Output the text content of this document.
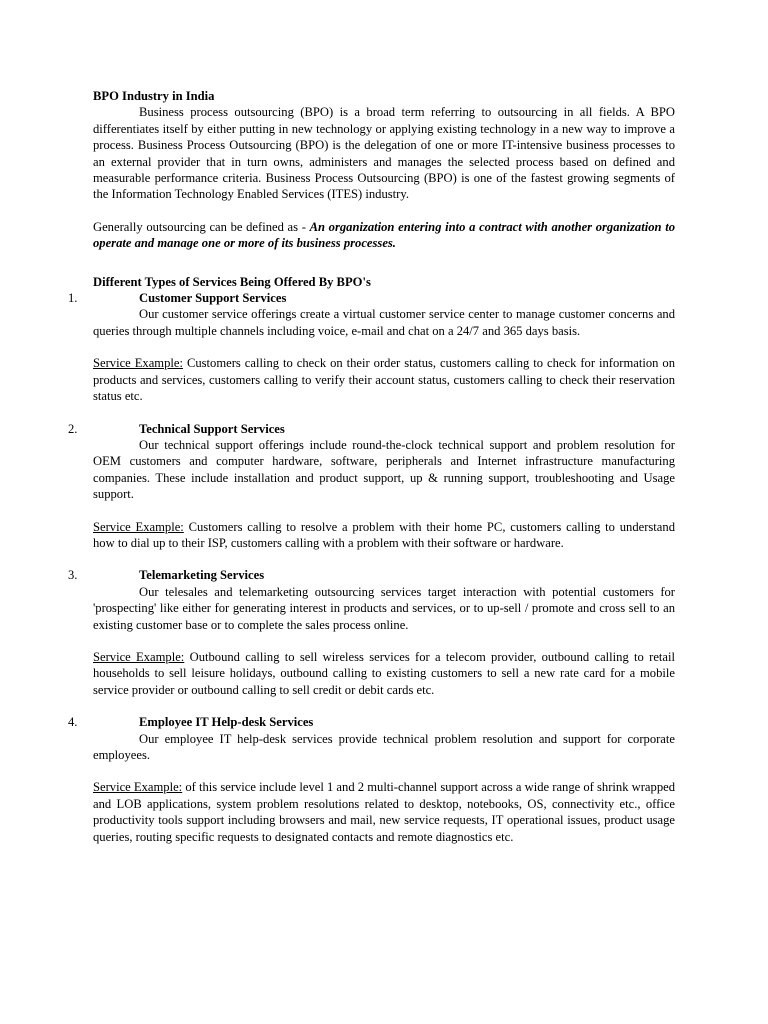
BPO Industry in India

Business process outsourcing (BPO) is a broad term referring to outsourcing in all fields. A BPO differentiates itself by either putting in new technology or applying existing technology in a new way to improve a process. Business Process Outsourcing (BPO) is the delegation of one or more IT-intensive business processes to an external provider that in turn owns, administers and manages the selected process based on defined and measurable performance criteria. Business Process Outsourcing (BPO) is one of the fastest growing segments of the Information Technology Enabled Services (ITES) industry.

Generally outsourcing can be defined as - An organization entering into a contract with another organization to operate and manage one or more of its business processes.

Different Types of Services Being Offered By BPO's

1.	Customer Support Services

Our customer service offerings create a virtual customer service center to manage customer concerns and queries through multiple channels including voice, e-mail and chat on a 24/7 and 365 days basis.

Service Example: Customers calling to check on their order status, customers calling to check for information on products and services, customers calling to verify their account status, customers calling to check their reservation status etc.

2.	Technical Support Services

Our technical support offerings include round-the-clock technical support and problem resolution for OEM customers and computer hardware, software, peripherals and Internet infrastructure manufacturing companies. These include installation and product support, up & running support, troubleshooting and Usage support.

Service Example: Customers calling to resolve a problem with their home PC, customers calling to understand how to dial up to their ISP, customers calling with a problem with their software or hardware.

3.	Telemarketing Services

Our telesales and telemarketing outsourcing services target interaction with potential customers for 'prospecting' like either for generating interest in products and services, or to up-sell / promote and cross sell to an existing customer base or to complete the sales process online.

Service Example: Outbound calling to sell wireless services for a telecom provider, outbound calling to retail households to sell leisure holidays, outbound calling to existing customers to sell a new rate card for a mobile service provider or outbound calling to sell credit or debit cards etc.

4.	Employee IT Help-desk Services

Our employee IT help-desk services provide technical problem resolution and support for corporate employees.

Service Example: of this service include level 1 and 2 multi-channel support across a wide range of shrink wrapped and LOB applications, system problem resolutions related to desktop, notebooks, OS, connectivity etc., office productivity tools support including browsers and mail, new service requests, IT operational issues, product usage queries, routing specific requests to designated contacts and remote diagnostics etc.
